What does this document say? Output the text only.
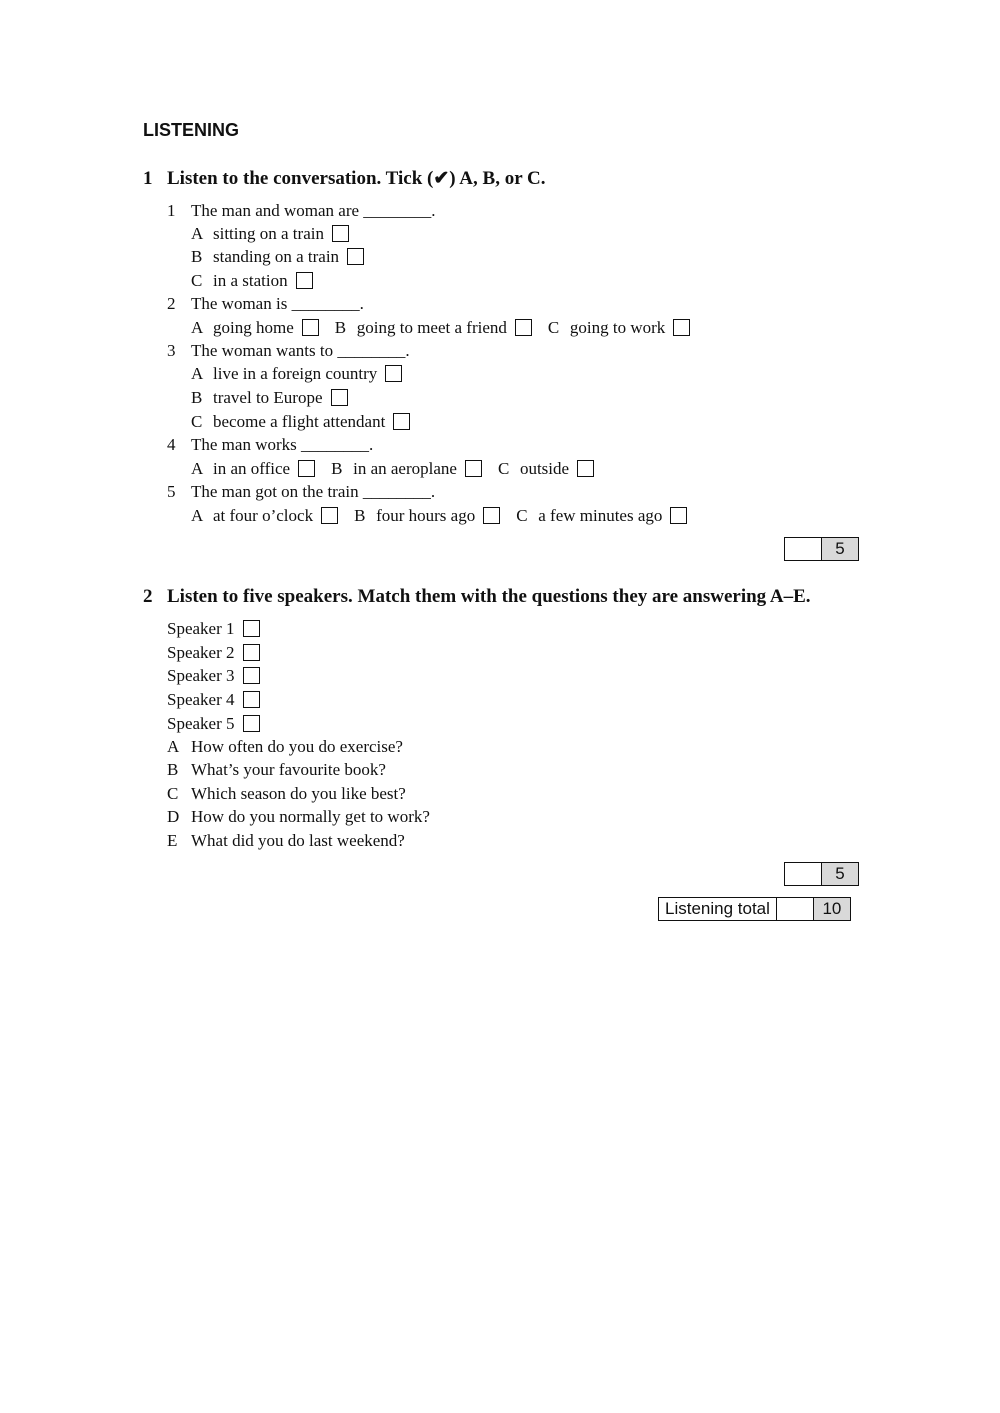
LISTENING
1 Listen to the conversation. Tick (✔) A, B, or C.
1 The man and woman are ________.
A sitting on a train
B standing on a train
C in a station
2 The woman is ________.
A going home B going to meet a friend C going to work
3 The woman wants to ________.
A live in a foreign country
B travel to Europe
C become a flight attendant
4 The man works ________.
A in an office B in an aeroplane C outside
5 The man got on the train ________.
A at four o’clock B four hours ago C a few minutes ago
5
2 Listen to five speakers. Match them with the questions they are answering A–E.
Speaker 1
Speaker 2
Speaker 3
Speaker 4
Speaker 5
A How often do you do exercise?
B What’s your favourite book?
C Which season do you like best?
D How do you normally get to work?
E What did you do last weekend?
5
Listening total	10
